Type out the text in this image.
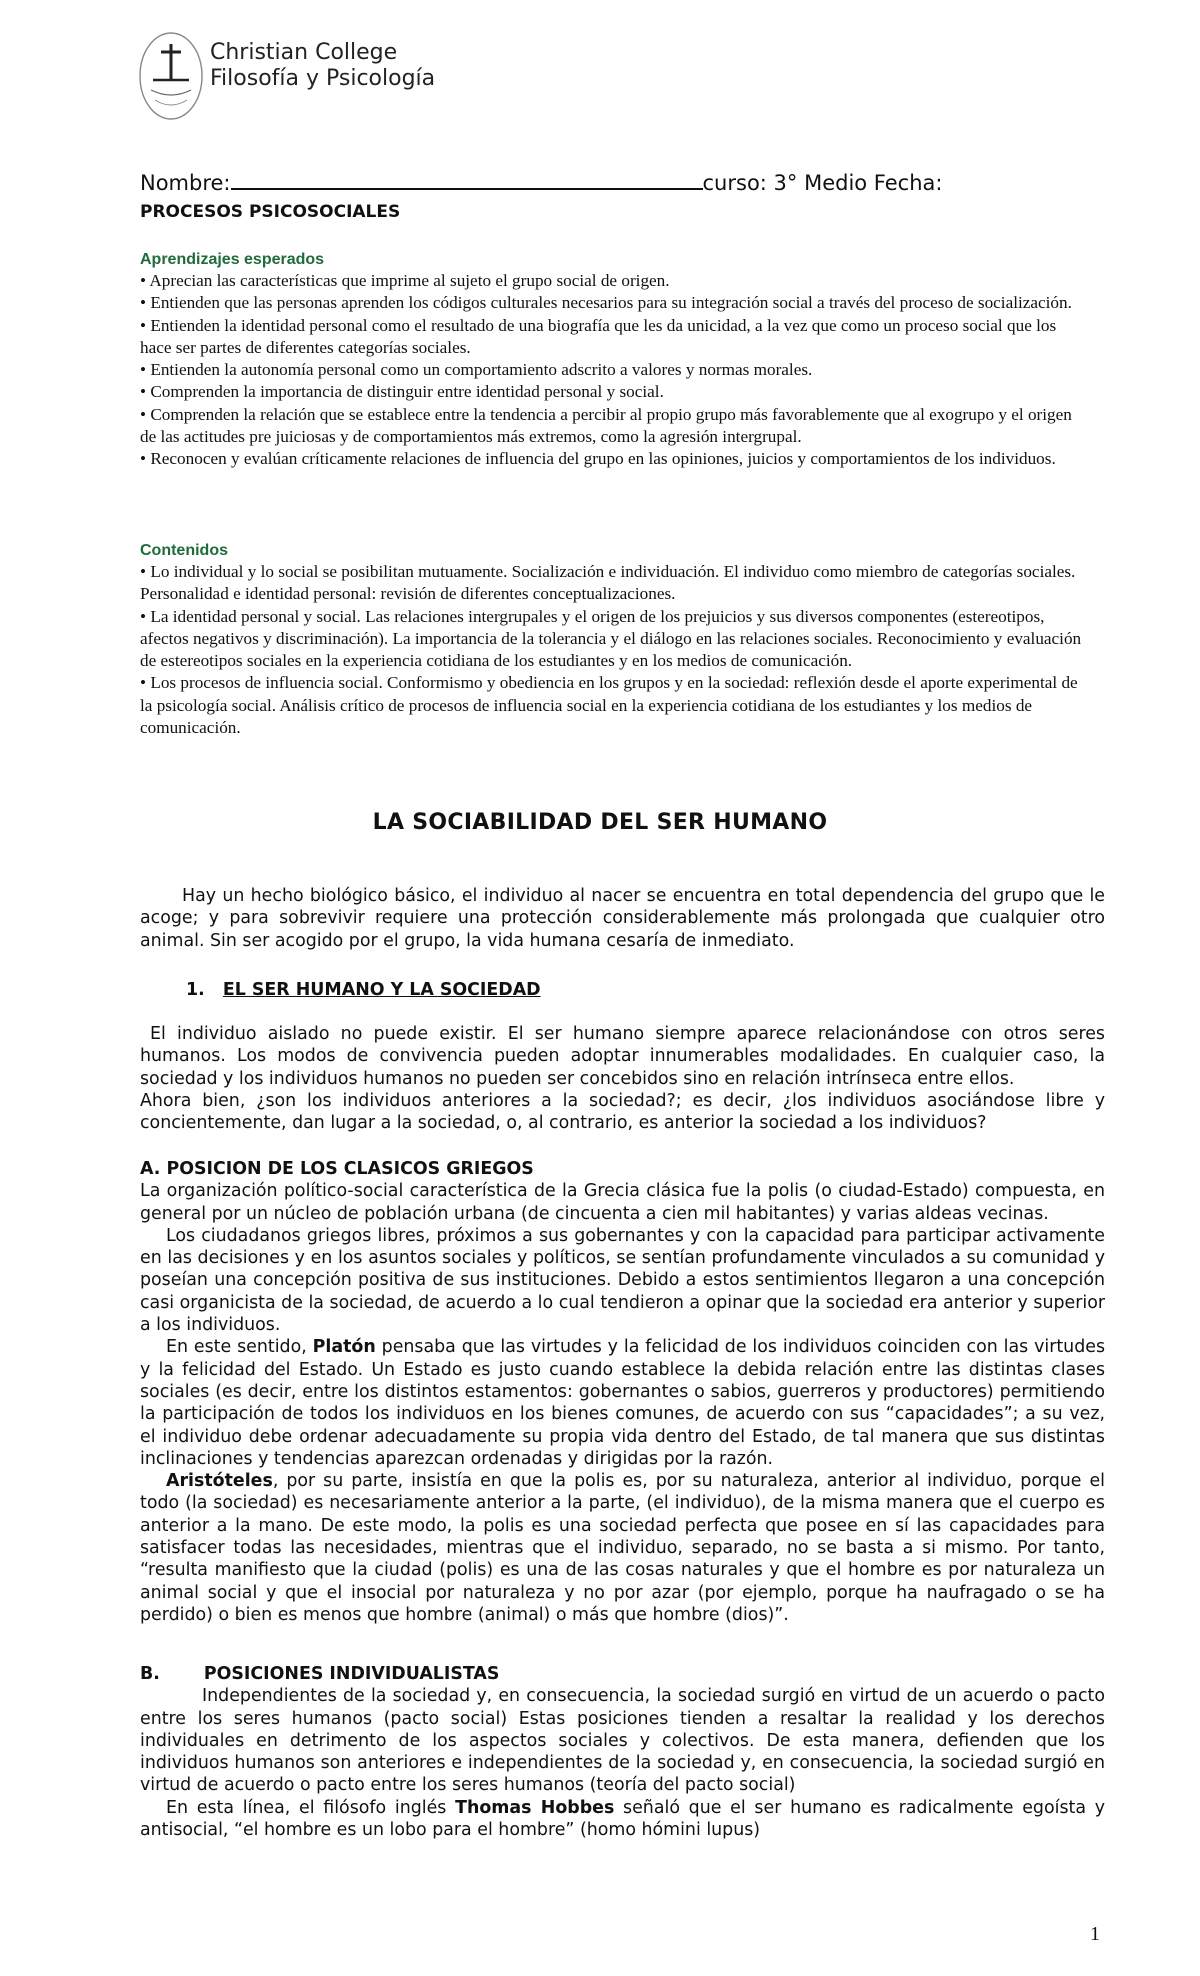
Christian College
Filosofía y Psicología
Nombre:	curso: 3° Medio Fecha:
PROCESOS PSICOSOCIALES
Aprendizajes esperados

• Aprecian las características que imprime al sujeto el grupo social de origen.

• Entienden que las personas aprenden los códigos culturales necesarios para su integración social a través del proceso de socialización.

• Entienden la identidad personal como el resultado de una biografía que les da unicidad, a la vez que como un proceso social que los hace ser partes de diferentes categorías sociales.

• Entienden la autonomía personal como un comportamiento adscrito a valores y normas morales.

• Comprenden la importancia de distinguir entre identidad personal y social.

• Comprenden la relación que se establece entre la tendencia a percibir al propio grupo más favorablemente que al exogrupo y el origen de las actitudes pre juiciosas y de comportamientos más extremos, como la agresión intergrupal.

• Reconocen y evalúan críticamente relaciones de influencia del grupo en las opiniones, juicios y comportamientos de los individuos.

Contenidos

• Lo individual y lo social se posibilitan mutuamente. Socialización e individuación. El individuo como miembro de categorías sociales. Personalidad e identidad personal: revisión de diferentes conceptualizaciones.

• La identidad personal y social. Las relaciones intergrupales y el origen de los prejuicios y sus diversos componentes (estereotipos, afectos negativos y discriminación). La importancia de la tolerancia y el diálogo en las relaciones sociales. Reconocimiento y evaluación de estereotipos sociales en la experiencia cotidiana de los estudiantes y en los medios de comunicación.

• Los procesos de influencia social. Conformismo y obediencia en los grupos y en la sociedad: reflexión desde el aporte experimental de la psicología social. Análisis crítico de procesos de influencia social en la experiencia cotidiana de los estudiantes y los medios de comunicación.

LA SOCIABILIDAD DEL SER HUMANO

Hay un hecho biológico básico, el individuo al nacer se encuentra en total dependencia del grupo que le acoge; y para sobrevivir requiere una protección considerablemente más prolongada que cualquier otro animal. Sin ser acogido por el grupo, la vida humana cesaría de inmediato.

1. EL SER HUMANO Y LA SOCIEDAD

El individuo aislado no puede existir. El ser humano siempre aparece relacionándose con otros seres humanos. Los modos de convivencia pueden adoptar innumerables modalidades. En cualquier caso, la sociedad y los individuos humanos no pueden ser concebidos sino en relación intrínseca entre ellos.

Ahora bien, ¿son los individuos anteriores a la sociedad?; es decir, ¿los individuos asociándose libre y concientemente, dan lugar a la sociedad, o, al contrario, es anterior la sociedad a los individuos?

A. POSICION DE LOS CLASICOS GRIEGOS

La organización político-social característica de la Grecia clásica fue la polis (o ciudad-Estado) compuesta, en general por un núcleo de población urbana (de cincuenta a cien mil habitantes) y varias aldeas vecinas.

Los ciudadanos griegos libres, próximos a sus gobernantes y con la capacidad para participar activamente en las decisiones y en los asuntos sociales y políticos, se sentían profundamente vinculados a su comunidad y poseían una concepción positiva de sus instituciones. Debido a estos sentimientos llegaron a una concepción casi organicista de la sociedad, de acuerdo a lo cual tendieron a opinar que la sociedad era anterior y superior a los individuos.

En este sentido, Platón pensaba que las virtudes y la felicidad de los individuos coinciden con las virtudes y la felicidad del Estado. Un Estado es justo cuando establece la debida relación entre las distintas clases sociales (es decir, entre los distintos estamentos: gobernantes o sabios, guerreros y productores) permitiendo la participación de todos los individuos en los bienes comunes, de acuerdo con sus “capacidades”; a su vez, el individuo debe ordenar adecuadamente su propia vida dentro del Estado, de tal manera que sus distintas inclinaciones y tendencias aparezcan ordenadas y dirigidas por la razón.

Aristóteles, por su parte, insistía en que la polis es, por su naturaleza, anterior al individuo, porque el todo (la sociedad) es necesariamente anterior a la parte, (el individuo), de la misma manera que el cuerpo es anterior a la mano. De este modo, la polis es una sociedad perfecta que posee en sí las capacidades para satisfacer todas las necesidades, mientras que el individuo, separado, no se basta a si mismo. Por tanto, “resulta manifiesto que la ciudad (polis) es una de las cosas naturales y que el hombre es por naturaleza un animal social y que el insocial por naturaleza y no por azar (por ejemplo, porque ha naufragado o se ha perdido) o bien es menos que hombre (animal) o más que hombre (dios)”.

B.	POSICIONES INDIVIDUALISTAS

Independientes de la sociedad y, en consecuencia, la sociedad surgió en virtud de un acuerdo o pacto entre los seres humanos (pacto social) Estas posiciones tienden a resaltar la realidad y los derechos individuales en detrimento de los aspectos sociales y colectivos. De esta manera, defienden que los individuos humanos son anteriores e independientes de la sociedad y, en consecuencia, la sociedad surgió en virtud de acuerdo o pacto entre los seres humanos (teoría del pacto social)

En esta línea, el filósofo inglés Thomas Hobbes señaló que el ser humano es radicalmente egoísta y antisocial, “el hombre es un lobo para el hombre” (homo hómini lupus)

1
